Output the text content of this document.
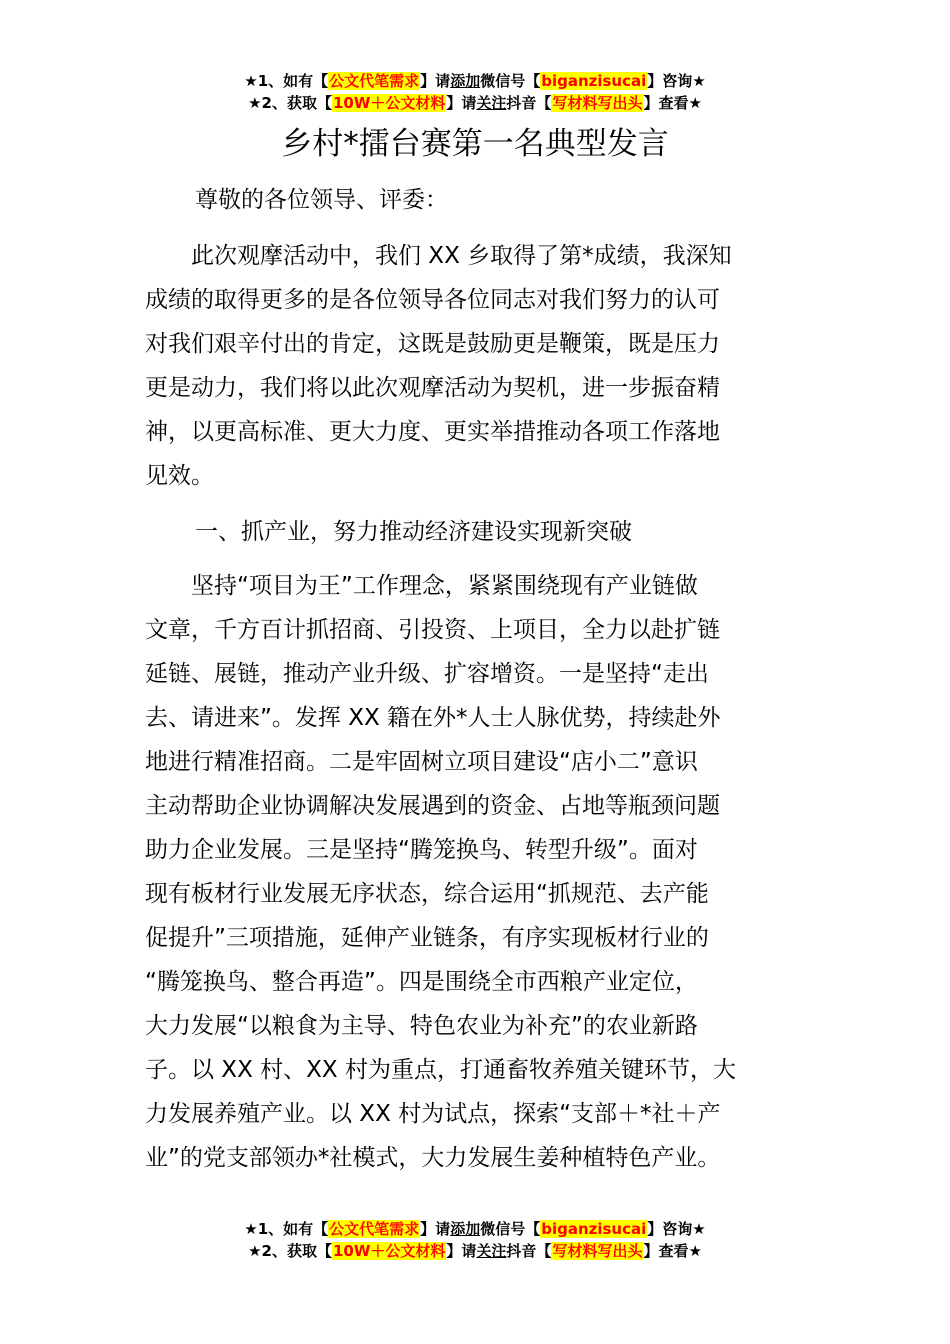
★1、如有【公文代笔需求】请添加微信号【biganzisucai】咨询★
★2、获取【10W＋公文材料】请关注抖音【写材料写出头】查看★
乡村*擂台赛第一名典型发言
尊敬的各位领导、评委：
　　此次观摩活动中，我们 XX 乡取得了第*成绩，我深知
成绩的取得更多的是各位领导各位同志对我们努力的认可
对我们艰辛付出的肯定，这既是鼓励更是鞭策，既是压力
更是动力，我们将以此次观摩活动为契机，进一步振奋精
神，以更高标准、更大力度、更实举措推动各项工作落地
见效。
一、抓产业，努力推动经济建设实现新突破
　　坚持“项目为王”工作理念，紧紧围绕现有产业链做
文章，千方百计抓招商、引投资、上项目，全力以赴扩链
延链、展链，推动产业升级、扩容增资。一是坚持“走出
去、请进来”。发挥 XX 籍在外*人士人脉优势，持续赴外
地进行精准招商。二是牢固树立项目建设“店小二”意识
主动帮助企业协调解决发展遇到的资金、占地等瓶颈问题
助力企业发展。三是坚持“腾笼换鸟、转型升级”。面对
现有板材行业发展无序状态，综合运用“抓规范、去产能
促提升”三项措施，延伸产业链条，有序实现板材行业的
“腾笼换鸟、整合再造”。四是围绕全市西粮产业定位，
大力发展“以粮食为主导、特色农业为补充”的农业新路
子。以 XX 村、XX 村为重点，打通畜牧养殖关键环节，大
力发展养殖产业。以 XX 村为试点，探索“支部＋*社＋产
业”的党支部领办*社模式，大力发展生姜种植特色产业。
★1、如有【公文代笔需求】请添加微信号【biganzisucai】咨询★
★2、获取【10W＋公文材料】请关注抖音【写材料写出头】查看★
